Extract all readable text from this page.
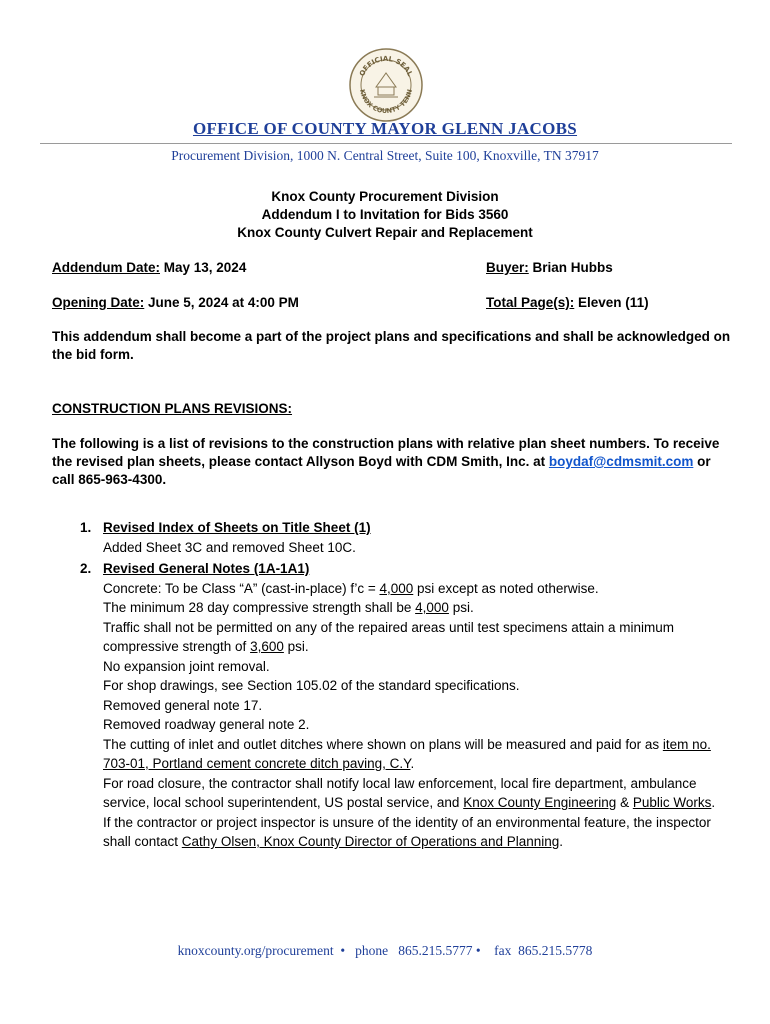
OFFICIAL SEAL
KNOX COUNTY TENN
OFFICE OF COUNTY MAYOR GLENN JACOBS
Procurement Division, 1000 N. Central Street, Suite 100, Knoxville, TN 37917
Knox County Procurement Division
Addendum I to Invitation for Bids 3560
Knox County Culvert Repair and Replacement
Addendum Date: May 13, 2024	Buyer: Brian Hubbs
Opening Date: June 5, 2024 at 4:00 PM	Total Page(s): Eleven (11)
This addendum shall become a part of the project plans and specifications and shall be acknowledged on the bid form.
CONSTRUCTION PLANS REVISIONS:
The following is a list of revisions to the construction plans with relative plan sheet numbers. To receive the revised plan sheets, please contact Allyson Boyd with CDM Smith, Inc. at boydaf@cdmsmit.com or call 865-963-4300.
1. Revised Index of Sheets on Title Sheet (1)
Added Sheet 3C and removed Sheet 10C.
2. Revised General Notes (1A-1A1)
Concrete: To be Class “A” (cast-in-place) f’c = 4,000 psi except as noted otherwise.
The minimum 28 day compressive strength shall be 4,000 psi.
Traffic shall not be permitted on any of the repaired areas until test specimens attain a minimum compressive strength of 3,600 psi.
No expansion joint removal.
For shop drawings, see Section 105.02 of the standard specifications.
Removed general note 17.
Removed roadway general note 2.
The cutting of inlet and outlet ditches where shown on plans will be measured and paid for as item no. 703-01, Portland cement concrete ditch paving, C.Y.
For road closure, the contractor shall notify local law enforcement, local fire department, ambulance service, local school superintendent, US postal service, and Knox County Engineering & Public Works.
If the contractor or project inspector is unsure of the identity of an environmental feature, the inspector shall contact Cathy Olsen, Knox County Director of Operations and Planning.
knoxcounty.org/procurement  •   phone   865.215.5777 •    fax  865.215.5778
